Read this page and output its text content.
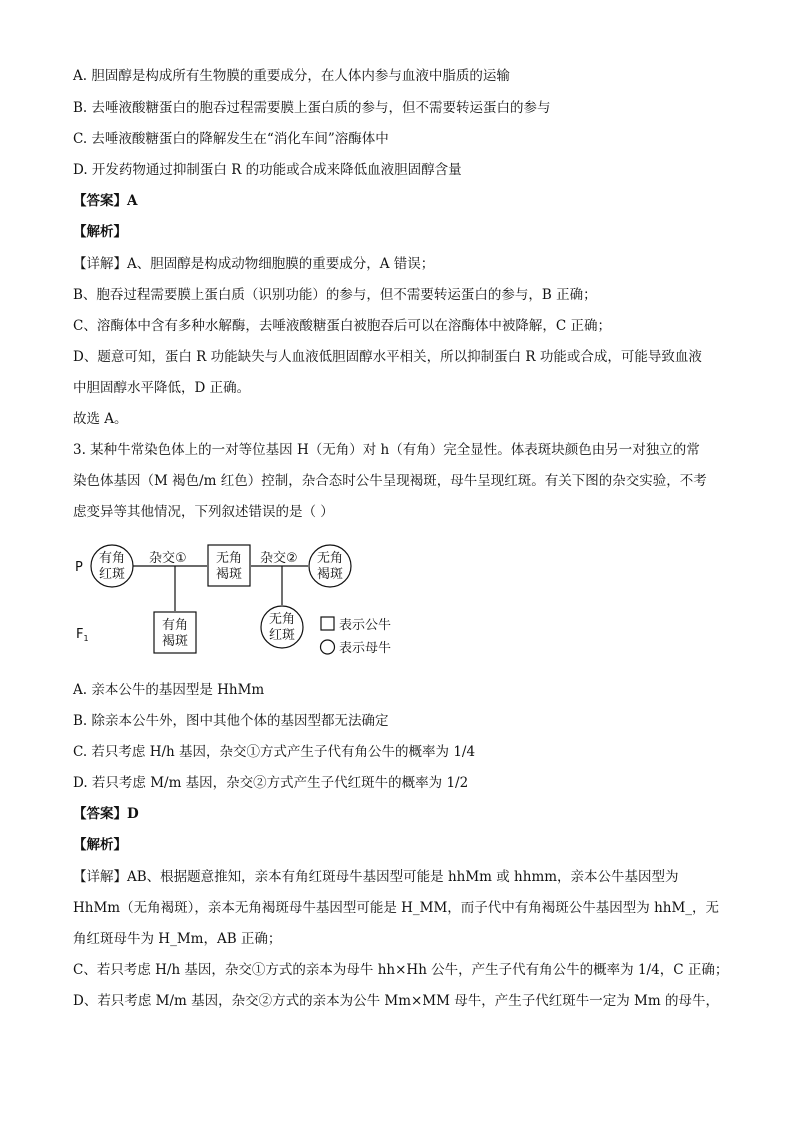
A. 胆固醇是构成所有生物膜的重要成分，在人体内参与血液中脂质的运输
B. 去唾液酸糖蛋白的胞吞过程需要膜上蛋白质的参与，但不需要转运蛋白的参与
C. 去唾液酸糖蛋白的降解发生在“消化车间”溶酶体中
D. 开发药物通过抑制蛋白 R 的功能或合成来降低血液胆固醇含量
【答案】A
【解析】
【详解】A、胆固醇是构成动物细胞膜的重要成分，A 错误；
B、胞吞过程需要膜上蛋白质（识别功能）的参与，但不需要转运蛋白的参与，B 正确；
C、溶酶体中含有多种水解酶，去唾液酸糖蛋白被胞吞后可以在溶酶体中被降解，C 正确；
D、题意可知，蛋白 R 功能缺失与人血液低胆固醇水平相关，所以抑制蛋白 R 功能或合成，可能导致血液
中胆固醇水平降低，D 正确。
故选 A。
3. 某种牛常染色体上的一对等位基因 H（无角）对 h（有角）完全显性。体表斑块颜色由另一对独立的常
染色体基因（M 褐色/m 红色）控制，杂合态时公牛呈现褐斑，母牛呈现红斑。有关下图的杂交实验，不考
虑变异等其他情况，下列叙述错误的是（ ）
P
$F_1$
杂交①	杂交②
有角
红斑
无角
褐斑
无角
褐斑
有角
褐斑
无角
红斑
表示公牛
表示母牛
A. 亲本公牛的基因型是 HhMm
B. 除亲本公牛外，图中其他个体的基因型都无法确定
C. 若只考虑 H/h 基因，杂交①方式产生子代有角公牛的概率为 1/4
D. 若只考虑 M/m 基因，杂交②方式产生子代红斑牛的概率为 1/2
【答案】D
【解析】
【详解】AB、根据题意推知，亲本有角红斑母牛基因型可能是 hhMm 或 hhmm，亲本公牛基因型为
HhMm（无角褐斑），亲本无角褐斑母牛基因型可能是 H_MM，而子代中有角褐斑公牛基因型为 hhM_，无
角红斑母牛为 H_Mm，AB 正确；
C、若只考虑 H/h 基因，杂交①方式的亲本为母牛 hh×Hh 公牛，产生子代有角公牛的概率为 1/4，C 正确；
D、若只考虑 M/m 基因，杂交②方式的亲本为公牛 Mm×MM 母牛，产生子代红斑牛一定为 Mm 的母牛，
